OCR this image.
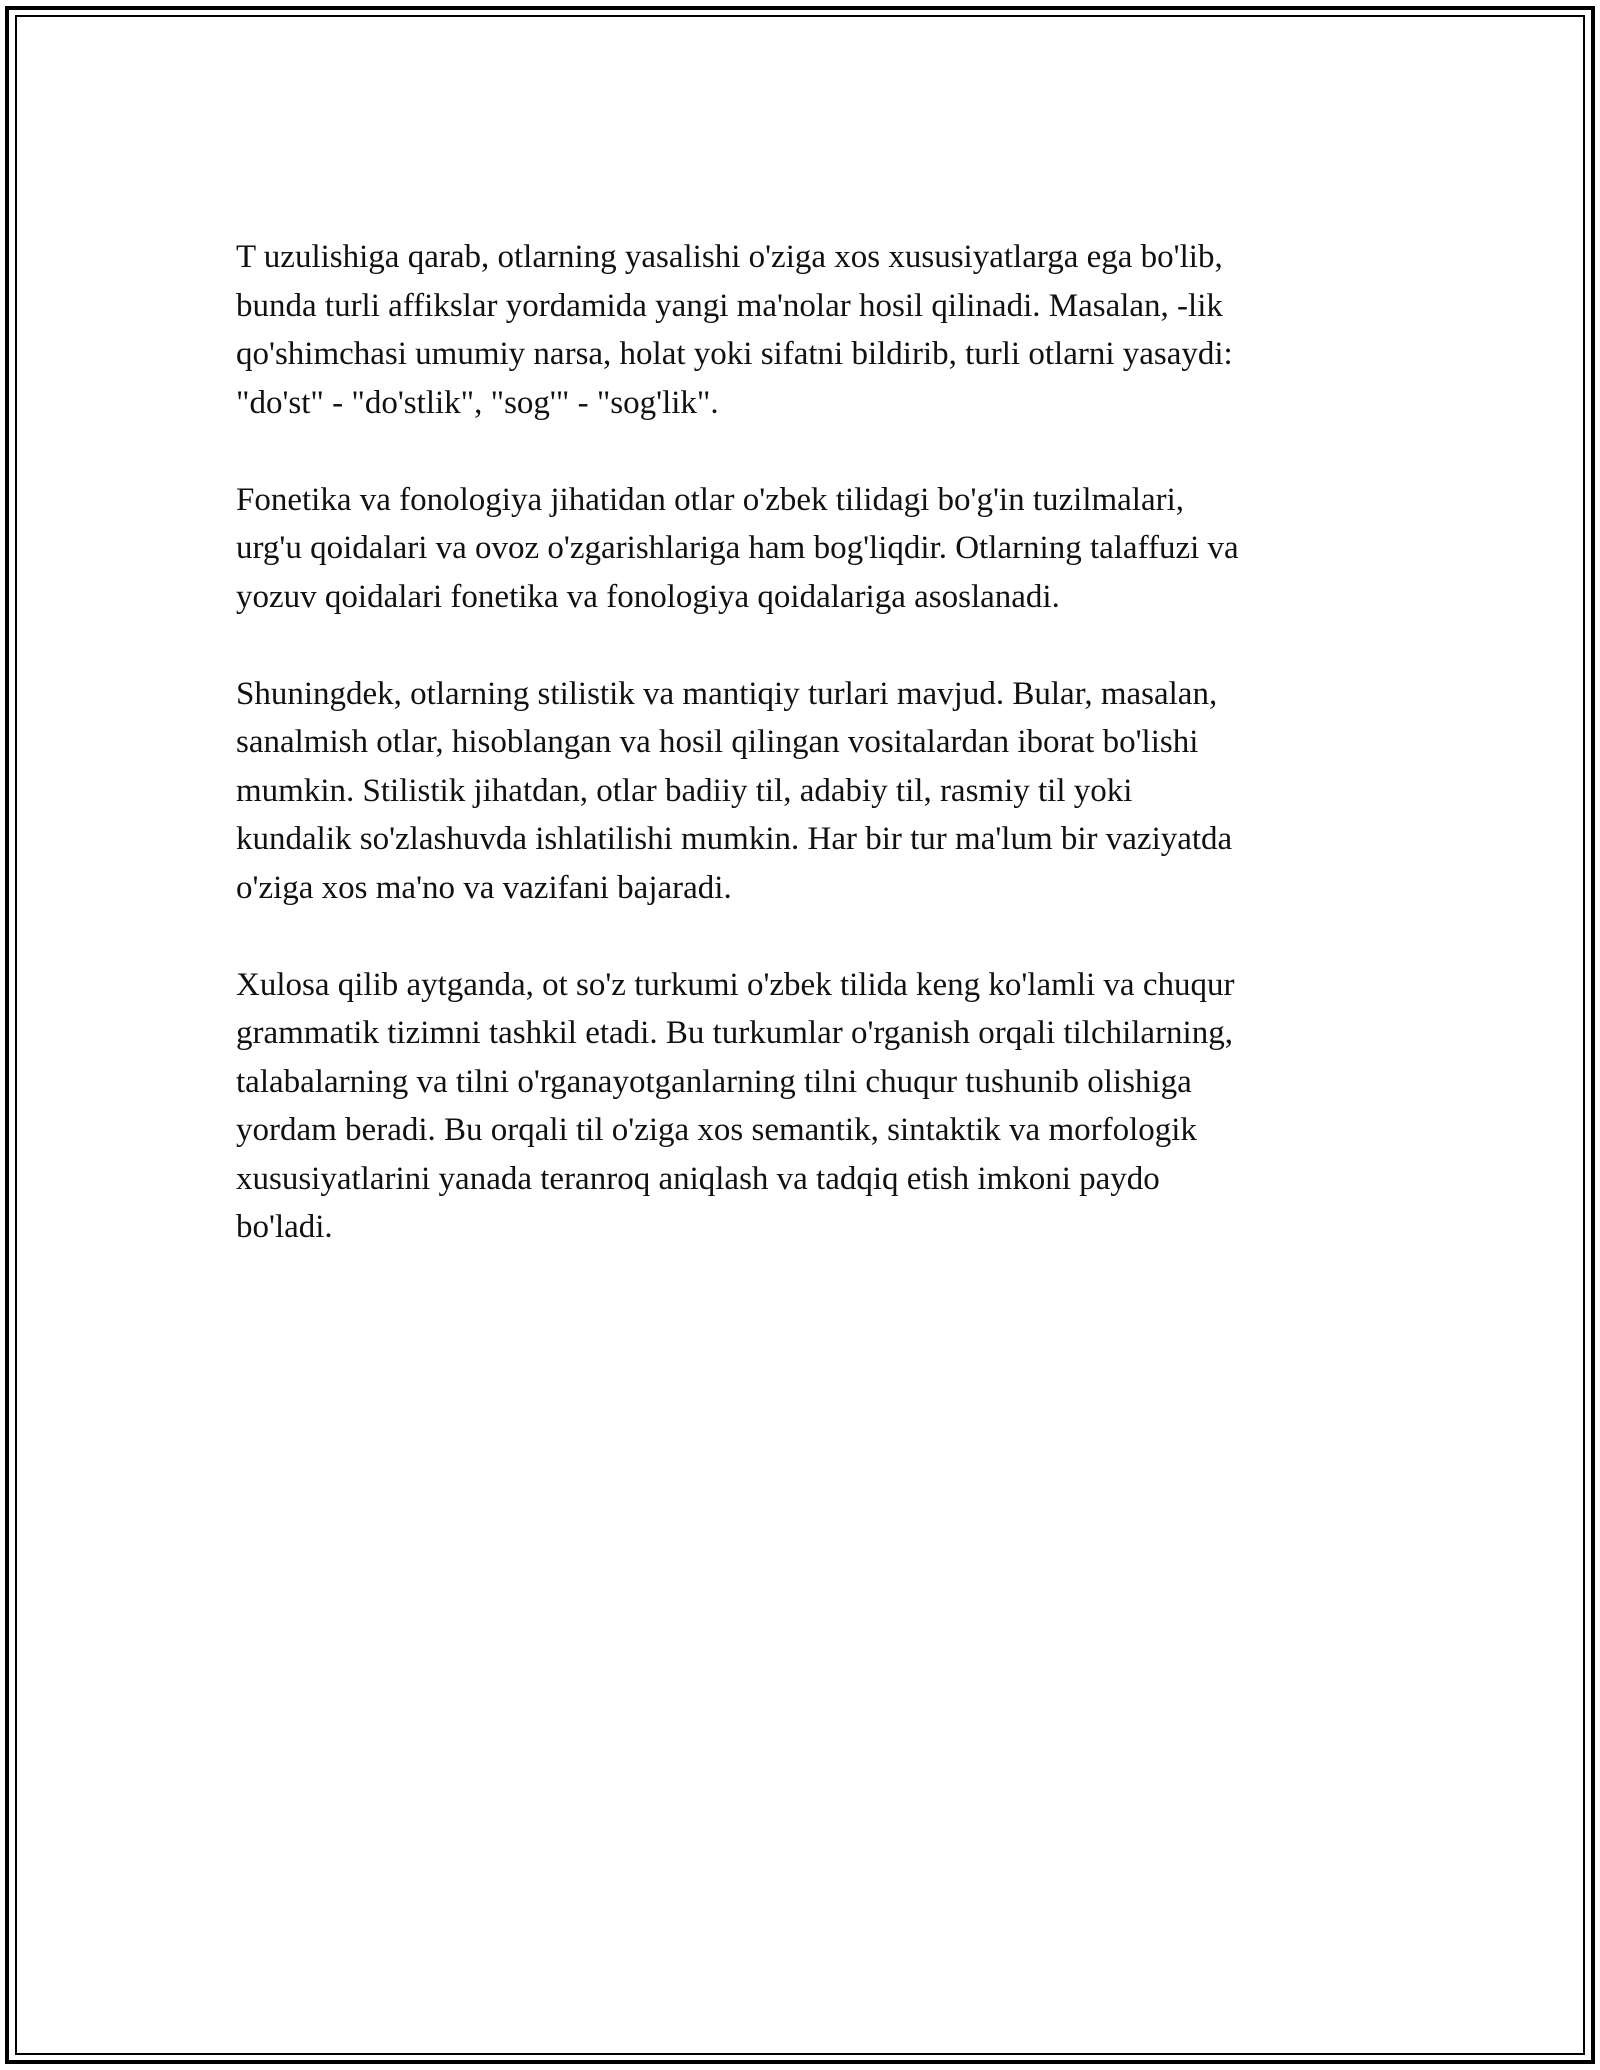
T uzulishiga qarab, otlarning yasalishi o'ziga xos xususiyatlarga ega bo'lib,
bunda turli affikslar yordamida yangi ma'nolar hosil qilinadi. Masalan, -lik
qo'shimchasi umumiy narsa, holat yoki sifatni bildirib, turli otlarni yasaydi:
"do'st" - "do'stlik", "sog'" - "sog'lik".

Fonetika va fonologiya jihatidan otlar o'zbek tilidagi bo'g'in tuzilmalari,
urg'u qoidalari va ovoz o'zgarishlariga ham bog'liqdir. Otlarning talaffuzi va
yozuv qoidalari fonetika va fonologiya qoidalariga asoslanadi.

Shuningdek, otlarning stilistik va mantiqiy turlari mavjud. Bular, masalan,
sanalmish otlar, hisoblangan va hosil qilingan vositalardan iborat bo'lishi
mumkin. Stilistik jihatdan, otlar badiiy til, adabiy til, rasmiy til yoki
kundalik so'zlashuvda ishlatilishi mumkin. Har bir tur ma'lum bir vaziyatda
o'ziga xos ma'no va vazifani bajaradi.

Xulosa qilib aytganda, ot so'z turkumi o'zbek tilida keng ko'lamli va chuqur
grammatik tizimni tashkil etadi. Bu turkumlar o'rganish orqali tilchilarning,
talabalarning va tilni o'rganayotganlarning tilni chuqur tushunib olishiga
yordam beradi. Bu orqali til o'ziga xos semantik, sintaktik va morfologik
xususiyatlarini yanada teranroq aniqlash va tadqiq etish imkoni paydo
bo'ladi.
